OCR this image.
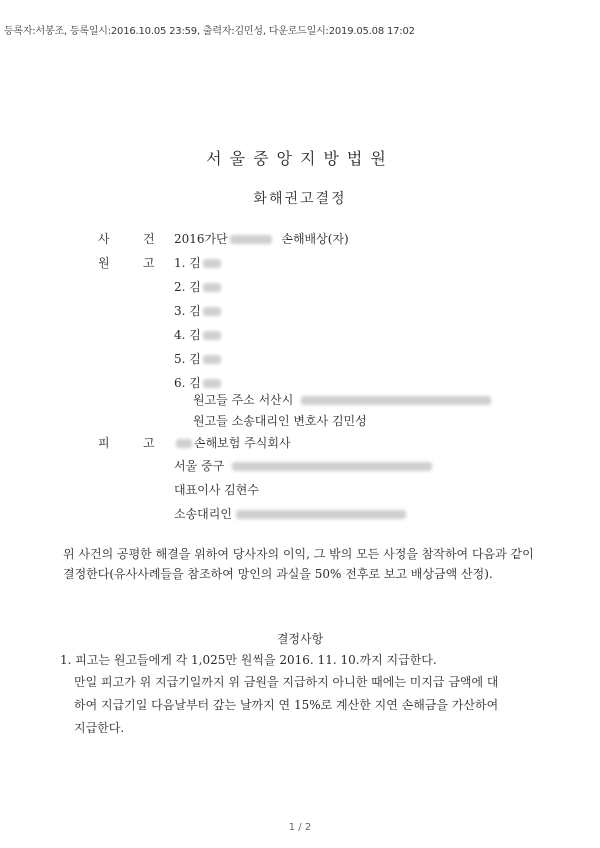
등록자:서봉조, 등록일시:2016.10.05 23:59, 출력자:김민성, 다운로드일시:2019.05.08 17:02
서울중앙지방법원
화해권고결정
사	건 2016가단	손해배상(자)
원	고 1. 김
2. 김
3. 김
4. 김
5. 김
6. 김
원고들 주소 서산시
원고들 소송대리인 변호사 김민성
피	고	손해보험 주식회사
서울 중구
대표이사 김현수
소송대리인
위 사건의 공평한 해결을 위하여 당사자의 이익, 그 밖의 모든 사정을 참작하여 다음과 같이 결정한다(유사사례들을 참조하여 망인의 과실을 50% 전후로 보고 배상금액 산정).
결정사항
1. 피고는 원고들에게 각 1,025만 원씩을 2016. 11. 10.까지 지급한다.
만일 피고가 위 지급기일까지 위 금원을 지급하지 아니한 때에는 미지급 금액에 대
하여 지급기일 다음날부터 갚는 날까지 연 15%로 계산한 지연 손해금을 가산하여
지급한다.
1 / 2
